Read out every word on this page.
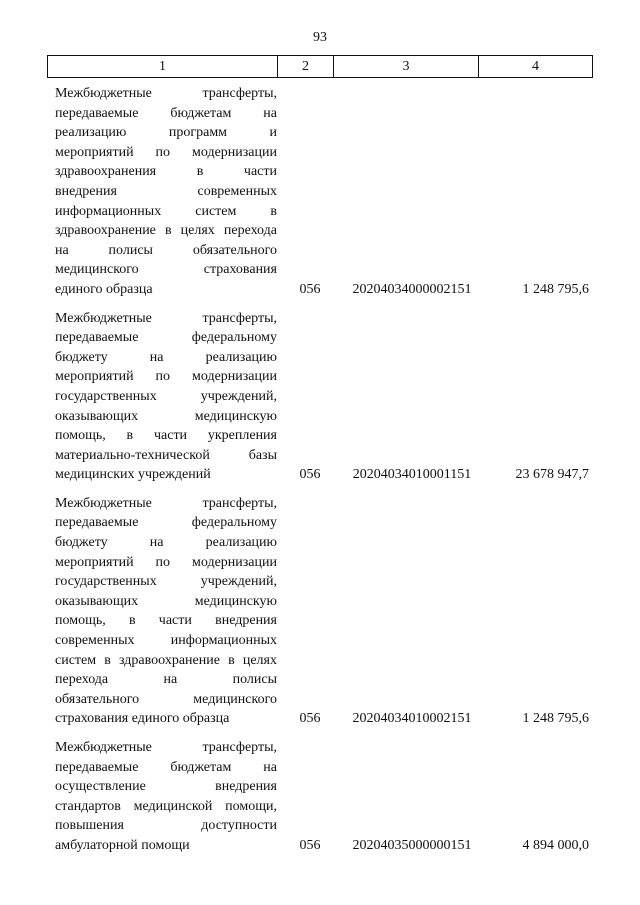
93
1	2	3	4
Межбюджетные трансферты,
передаваемые бюджетам на
реализацию программ и
мероприятий по модернизации
здравоохранения в части
внедрения современных
информационных систем в
здравоохранение в целях перехода
на полисы обязательного
медицинского страхования
единого образца	056	20204034000002151	1 248 795,6
Межбюджетные трансферты,
передаваемые федеральному
бюджету на реализацию
мероприятий по модернизации
государственных учреждений,
оказывающих медицинскую
помощь, в части укрепления
материально-технической базы
медицинских учреждений	056	20204034010001151	23 678 947,7
Межбюджетные трансферты,
передаваемые федеральному
бюджету на реализацию
мероприятий по модернизации
государственных учреждений,
оказывающих медицинскую
помощь, в части внедрения
современных информационных
систем в здравоохранение в целях
перехода на полисы
обязательного медицинского
страхования единого образца	056	20204034010002151	1 248 795,6
Межбюджетные трансферты,
передаваемые бюджетам на
осуществление внедрения
стандартов медицинской помощи,
повышения доступности
амбулаторной помощи	056	20204035000000151	4 894 000,0
